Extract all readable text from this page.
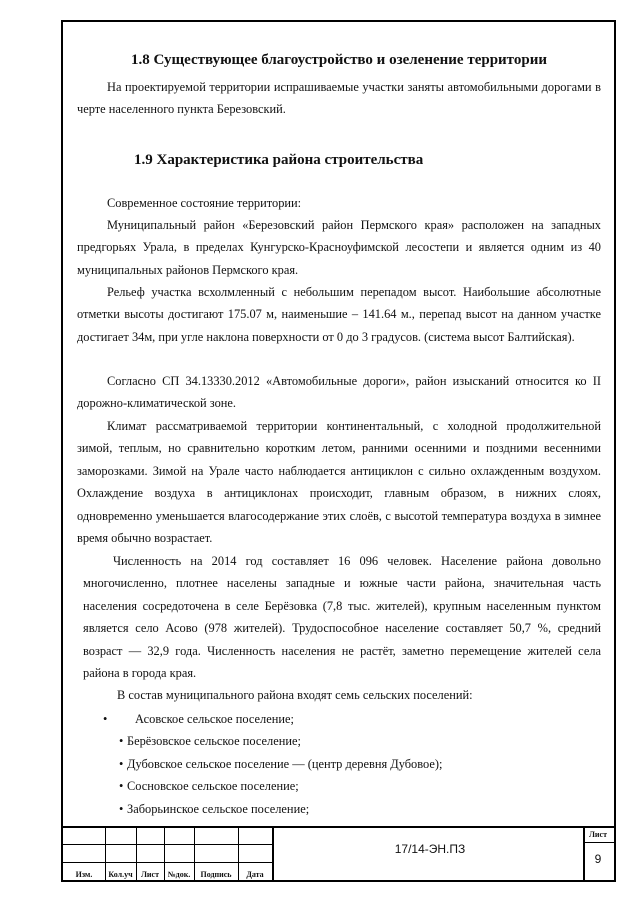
1.8 Существующее благоустройство и озеленение территории

На проектируемой территории испрашиваемые участки заняты автомобильными дорогами в черте населенного пункта Березовский.

1.9 Характеристика района строительства

Современное состояние территории:

Муниципальный район «Березовский район Пермского края» расположен на западных предгорьях Урала, в пределах Кунгурско-Красноуфимской лесостепи и является одним из 40 муниципальных районов Пермского края.

Рельеф участка всхолмленный с небольшим перепадом высот. Наибольшие абсолютные отметки высоты достигают 175.07 м, наименьшие – 141.64 м., перепад высот на данном участке достигает 34м, при угле наклона поверхности от 0 до 3 градусов. (система высот Балтийская).

Согласно СП 34.13330.2012 «Автомобильные дороги», район изысканий относится ко II дорожно-климатической зоне.

Климат рассматриваемой территории континентальный, с холодной продолжительной зимой, теплым, но сравнительно коротким летом, ранними осенними и поздними весенними заморозками. Зимой на Урале часто наблюдается антициклон с сильно охлажденным воздухом. Охлаждение воздуха в антициклонах происходит, главным образом, в нижних слоях, одновременно уменьшается влагосодержание этих слоёв, с высотой температура воздуха в зимнее время обычно возрастает.

Численность на 2014 год составляет 16 096 человек. Население района довольно многочисленно, плотнее населены западные и южные части района, значительная часть населения сосредоточена в селе Берёзовка (7,8 тыс. жителей), крупным населенным пунктом является село Асово (978 жителей). Трудоспособное население составляет 50,7 %, средний возраст — 32,9 года. Численность населения не растёт, заметно перемещение жителей села района в города края.

В состав муниципального района входят семь сельских поселений:

• Асовское сельское поселение;
• Берёзовское сельское поселение;
• Дубовское сельское поселение — (центр деревня Дубовое);
• Сосновское сельское поселение;
• Заборьинское сельское поселение;
Изм.	Кол.уч	Лист	№док.	Подпись	Дата
17/14-ЭН.ПЗ
Лист
9
